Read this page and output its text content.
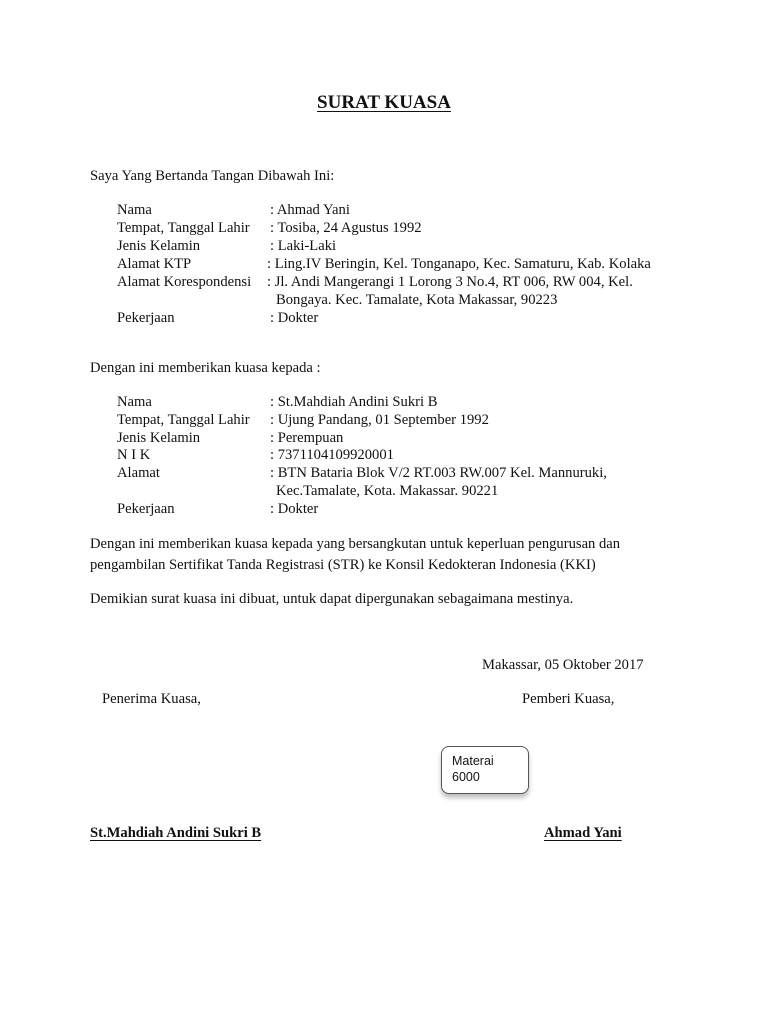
SURAT KUASA
Saya Yang Bertanda Tangan Dibawah Ini:
Nama	: Ahmad Yani
Tempat, Tanggal Lahir : Tosiba, 24 Agustus 1992
Jenis Kelamin	: Laki-Laki
Alamat KTP	: Ling.IV Beringin, Kel. Tonganapo, Kec. Samaturu, Kab. Kolaka
Alamat Korespondensi : Jl. Andi Mangerangi 1 Lorong 3 No.4, RT 006, RW 004, Kel.
Bongaya. Kec. Tamalate, Kota Makassar, 90223
Pekerjaan	: Dokter
Dengan ini memberikan kuasa kepada :
Nama	: St.Mahdiah Andini Sukri B
Tempat, Tanggal Lahir : Ujung Pandang, 01 September 1992
Jenis Kelamin	: Perempuan
N I K	: 7371104109920001
Alamat	: BTN Bataria Blok V/2 RT.003 RW.007 Kel. Mannuruki,
Kec.Tamalate, Kota. Makassar. 90221
Pekerjaan	: Dokter
Dengan ini memberikan kuasa kepada yang bersangkutan untuk keperluan pengurusan dan
pengambilan Sertifikat Tanda Registrasi (STR) ke Konsil Kedokteran Indonesia (KKI)
Demikian surat kuasa ini dibuat, untuk dapat dipergunakan sebagaimana mestinya.
Makassar, 05 Oktober 2017
Penerima Kuasa,	Pemberi Kuasa,
Materai
6000
St.Mahdiah Andini Sukri B	Ahmad Yani
